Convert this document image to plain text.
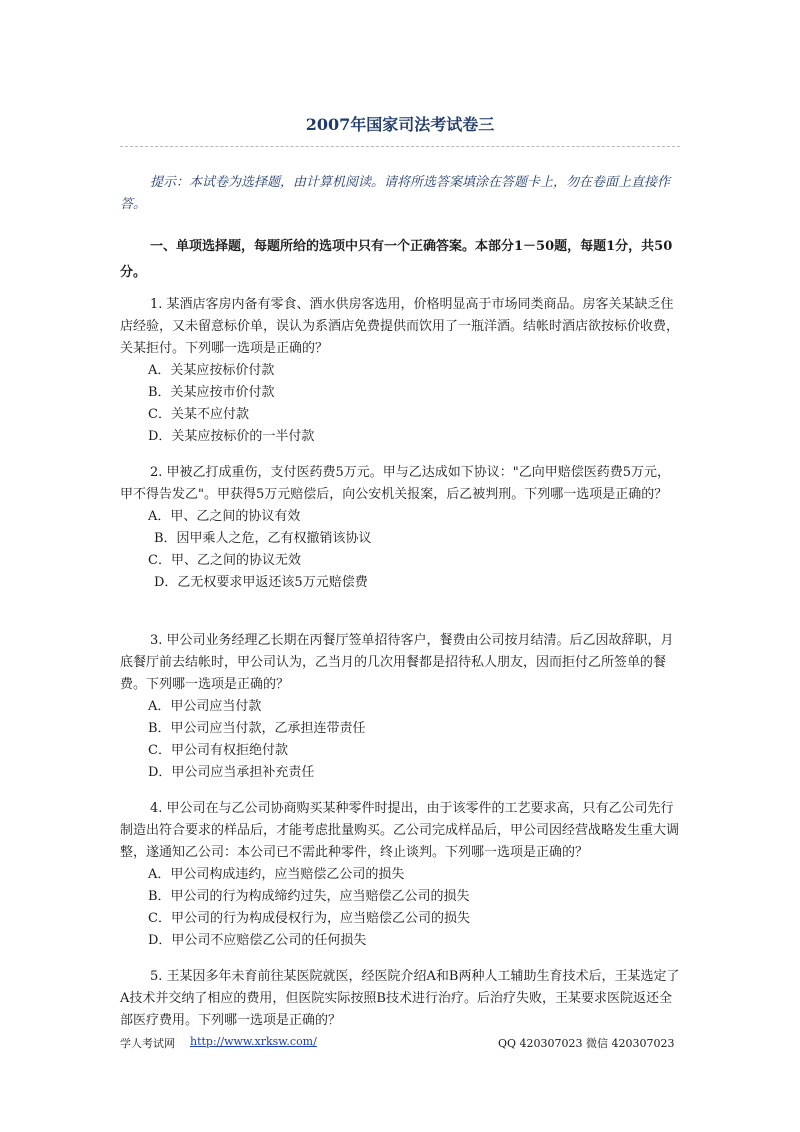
2007年国家司法考试卷三
提示：本试卷为选择题，由计算机阅读。请将所选答案填涂在答题卡上，勿在卷面上直接作答。
一、单项选择题，每题所给的选项中只有一个正确答案。本部分1－50题，每题1分，共50分。

1. 某酒店客房内备有零食、酒水供房客选用，价格明显高于市场同类商品。房客关某缺乏住店经验，又未留意标价单，误认为系酒店免费提供而饮用了一瓶洋酒。结帐时酒店欲按标价收费，关某拒付。下列哪一选项是正确的？

A．关某应按标价付款

B．关某应按市价付款

C．关某不应付款

D．关某应按标价的一半付款

2. 甲被乙打成重伤，支付医药费5万元。甲与乙达成如下协议："乙向甲赔偿医药费5万元，甲不得告发乙"。甲获得5万元赔偿后，向公安机关报案，后乙被判刑。下列哪一选项是正确的？

A．甲、乙之间的协议有效

B．因甲乘人之危，乙有权撤销该协议

C．甲、乙之间的协议无效

D．乙无权要求甲返还该5万元赔偿费

3. 甲公司业务经理乙长期在丙餐厅签单招待客户，餐费由公司按月结清。后乙因故辞职，月底餐厅前去结帐时，甲公司认为，乙当月的几次用餐都是招待私人朋友，因而拒付乙所签单的餐费。下列哪一选项是正确的？

A．甲公司应当付款

B．甲公司应当付款，乙承担连带责任

C．甲公司有权拒绝付款

D．甲公司应当承担补充责任

4. 甲公司在与乙公司协商购买某种零件时提出，由于该零件的工艺要求高，只有乙公司先行制造出符合要求的样品后，才能考虑批量购买。乙公司完成样品后，甲公司因经营战略发生重大调整，遂通知乙公司：本公司已不需此种零件，终止谈判。下列哪一选项是正确的？

A．甲公司构成违约，应当赔偿乙公司的损失

B．甲公司的行为构成缔约过失，应当赔偿乙公司的损失

C．甲公司的行为构成侵权行为，应当赔偿乙公司的损失

D．甲公司不应赔偿乙公司的任何损失

5. 王某因多年未育前往某医院就医，经医院介绍A和B两种人工辅助生育技术后，王某选定了A技术并交纳了相应的费用，但医院实际按照B技术进行治疗。后治疗失败，王某要求医院返还全部医疗费用。下列哪一选项是正确的？

学人考试网 http://www.xrksw.com/	QQ 420307023 微信 420307023
